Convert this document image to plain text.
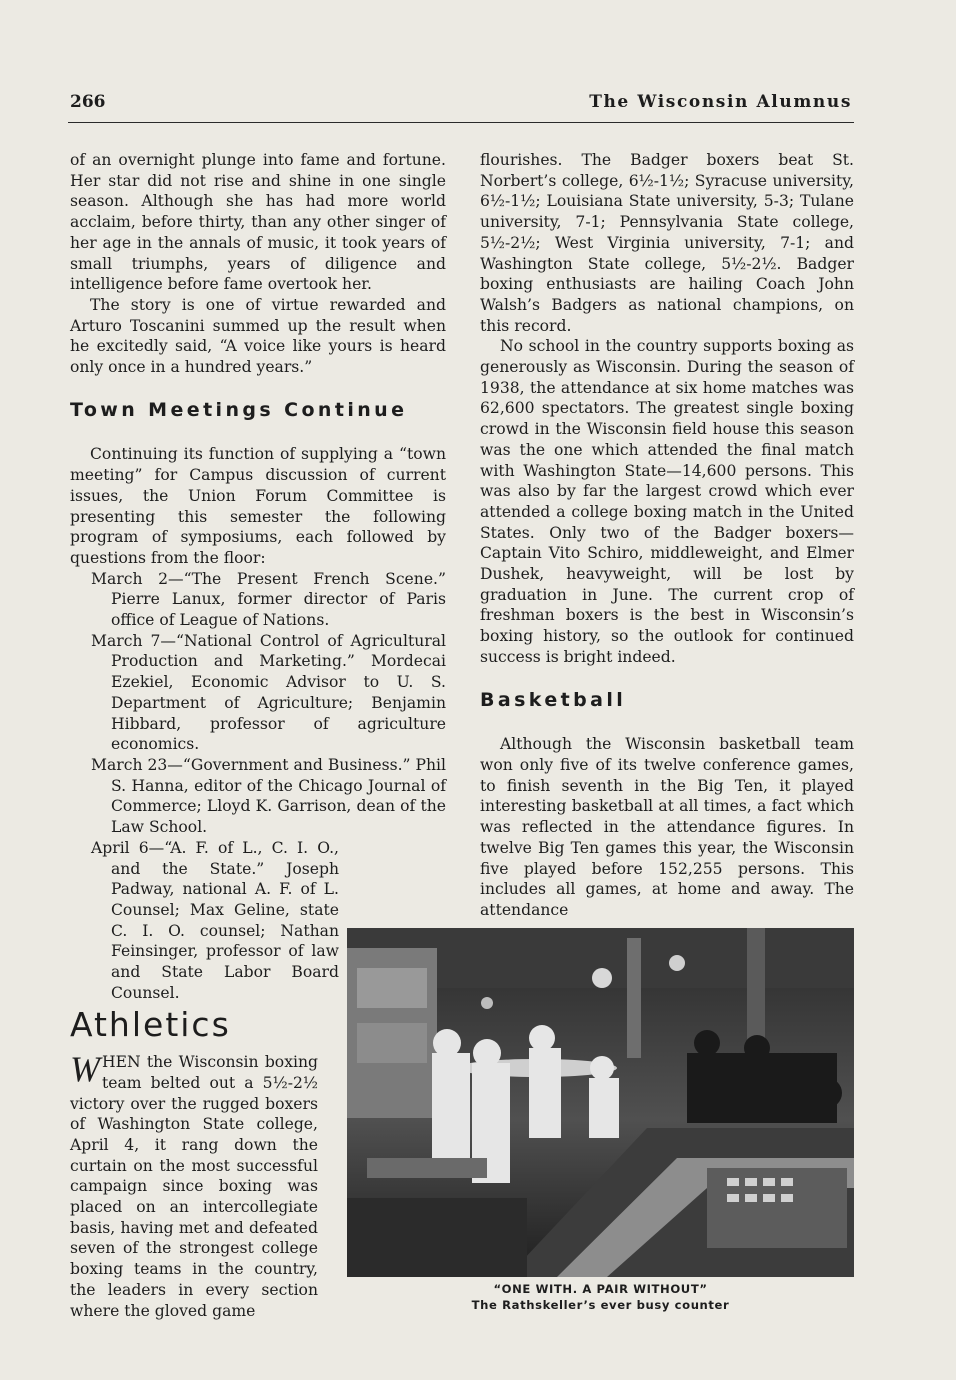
266	The Wisconsin Alumnus

of an overnight plunge into fame and fortune. Her star did not rise and shine in one single season. Although she has had more world acclaim, before thirty, than any other singer of her age in the annals of music, it took years of small triumphs, years of diligence and intelligence before fame overtook her.

The story is one of virtue rewarded and Arturo Toscanini summed up the result when he excitedly said, “A voice like yours is heard only once in a hundred years.”

Town Meetings Continue

Continuing its function of supplying a “town meeting” for Campus discussion of current issues, the Union Forum Committee is presenting this semester the following program of symposiums, each followed by questions from the floor:

March 2—“The Present French Scene.” Pierre Lanux, former director of Paris office of League of Nations.
March 7—“National Control of Agricultural Production and Marketing.” Mordecai Ezekiel, Economic Advisor to U. S. Department of Agriculture; Benjamin Hibbard, professor of agriculture economics.
March 23—“Government and Business.” Phil S. Hanna, editor of the Chicago Journal of Commerce; Lloyd K. Garrison, dean of the Law School.
April 6—“A. F. of L., C. I. O., and the State.” Joseph Padway, national A. F. of L. Counsel; Max Geline, state C. I. O. counsel; Nathan Feinsinger, professor of law and State Labor Board Counsel.
Athletics

W HEN the Wisconsin boxing team belted out a 5½-2½ victory over the rugged boxers of Washington State college, April 4, it rang down the curtain on the most successful campaign since boxing was placed on an intercollegiate basis, having met and defeated seven of the strongest college boxing teams in the country, the leaders in every section where the gloved game

flourishes. The Badger boxers beat St. Norbert’s college, 6½-1½; Syracuse university, 6½-1½; Louisiana State university, 5-3; Tulane university, 7-1; Pennsylvania State college, 5½-2½; West Virginia university, 7-1; and Washington State college, 5½-2½. Badger boxing enthusiasts are hailing Coach John Walsh’s Badgers as national champions, on this record.

No school in the country supports boxing as generously as Wisconsin. During the season of 1938, the attendance at six home matches was 62,600 spectators. The greatest single boxing crowd in the Wisconsin field house this season was the one which attended the final match with Washington State—14,600 persons. This was also by far the largest crowd which ever attended a college boxing match in the United States. Only two of the Badger boxers—Captain Vito Schiro, middleweight, and Elmer Dushek, heavyweight, will be lost by graduation in June. The current crop of freshman boxers is the best in Wisconsin’s boxing history, so the outlook for continued success is bright indeed.

Basketball

Although the Wisconsin basketball team won only five of its twelve conference games, to finish seventh in the Big Ten, it played interesting basketball at all times, a fact which was reflected in the attendance figures. In twelve Big Ten games this year, the Wisconsin five played before 152,255 persons. This includes all games, at home and away. The attendance

“ONE WITH. A PAIR WITHOUT”
The Rathskeller’s ever busy counter
